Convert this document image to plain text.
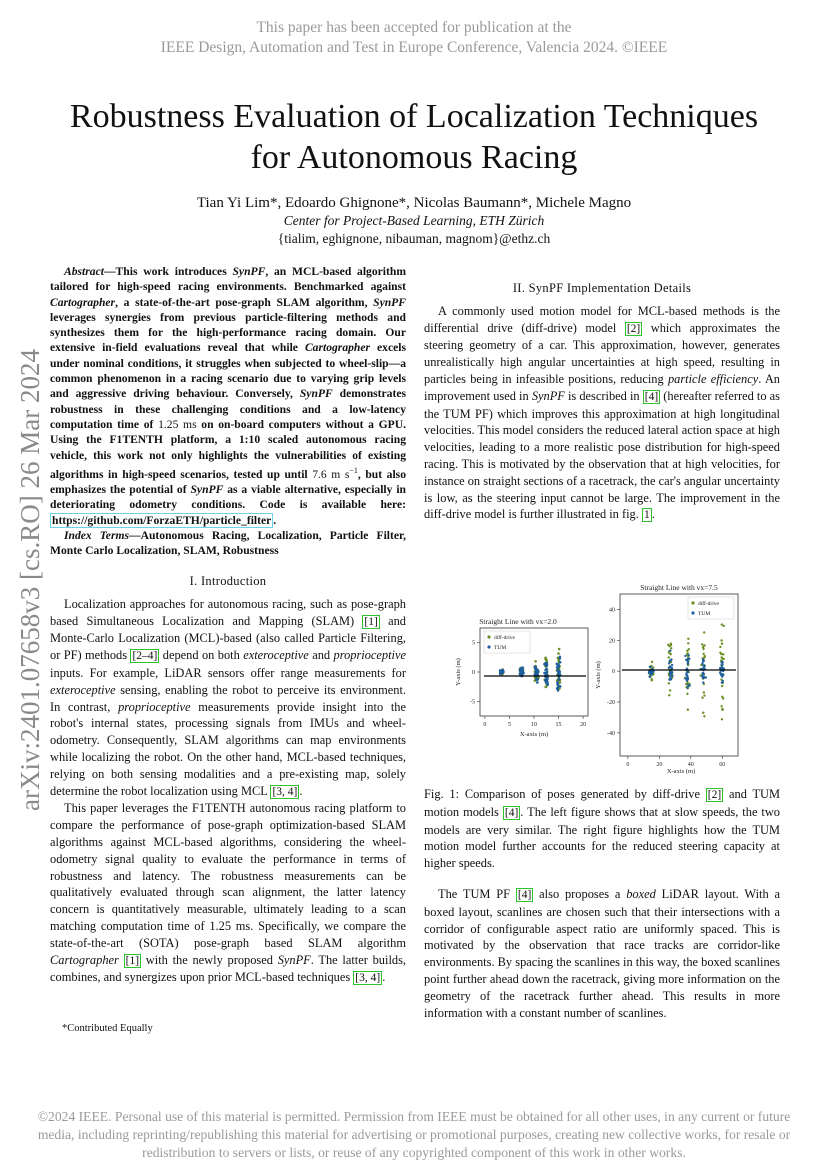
This paper has been accepted for publication at the
IEEE Design, Automation and Test in Europe Conference, Valencia 2024. ©IEEE
Robustness Evaluation of Localization Techniques
for Autonomous Racing
Tian Yi Lim*, Edoardo Ghignone*, Nicolas Baumann*, Michele Magno
Center for Project-Based Learning, ETH Zürich
{tialim, eghignone, nibauman, magnom}@ethz.ch
arXiv:2401.07658v3 [cs.RO] 26 Mar 2024

Abstract—This work introduces SynPF, an MCL-based algorithm tailored for high-speed racing environments. Benchmarked against Cartographer, a state-of-the-art pose-graph SLAM algorithm, SynPF leverages synergies from previous particle-filtering methods and synthesizes them for the high-performance racing domain. Our extensive in-field evaluations reveal that while Cartographer excels under nominal conditions, it struggles when subjected to wheel-slip—a common phenomenon in a racing scenario due to varying grip levels and aggressive driving behaviour. Conversely, SynPF demonstrates robustness in these challenging conditions and a low-latency computation time of 1.25 ms on on-board computers without a GPU. Using the F1TENTH platform, a 1:10 scaled autonomous racing vehicle, this work not only highlights the vulnerabilities of existing algorithms in high-speed scenarios, tested up until 7.6 m $s^{-1}$, but also emphasizes the potential of SynPF as a viable alternative, especially in deteriorating odometry conditions. Code is available here: https://github.com/ForzaETH/particle_filter .

Index Terms—Autonomous Racing, Localization, Particle Filter, Monte Carlo Localization, SLAM, Robustness

I. Introduction

Localization approaches for autonomous racing, such as pose-graph based Simultaneous Localization and Mapping (SLAM) [1] and Monte-Carlo Localization (MCL)-based (also called Particle Filtering, or PF) methods [2–4] depend on both exteroceptive and proprioceptive inputs. For example, LiDAR sensors offer range measurements for exteroceptive sensing, enabling the robot to perceive its environment. In contrast, proprioceptive measurements provide insight into the robot's internal states, processing signals from IMUs and wheel-odometry. Consequently, SLAM algorithms can map environments while localizing the robot. On the other hand, MCL-based techniques, relying on both sensing modalities and a pre-existing map, solely determine the robot localization using MCL [3, 4] .

This paper leverages the F1TENTH autonomous racing platform to compare the performance of pose-graph optimization-based SLAM algorithms against MCL-based algorithms, considering the wheel-odometry signal quality to evaluate the performance in terms of robustness and latency. The robustness measurements can be qualitatively evaluated through scan alignment, the latter latency concern is quantitatively measurable, ultimately leading to a scan matching computation time of 1.25 ms. Specifically, we compare the state-of-the-art (SOTA) pose-graph based SLAM algorithm Cartographer [1] with the newly proposed SynPF. The latter builds, combines, and synergizes upon prior MCL-based techniques [3, 4] .

*Contributed Equally
II. SynPF Implementation Details

A commonly used motion model for MCL-based methods is the differential drive (diff-drive) model [2] which approximates the steering geometry of a car. This approximation, however, generates unrealistically high angular uncertainties at high speed, resulting in particles being in infeasible positions, reducing particle efficiency. An improvement used in SynPF is described in [4] (hereafter referred to as the TUM PF) which improves this approximation at high longitudinal velocities. This model considers the reduced lateral action space at high velocities, leading to a more realistic pose distribution for high-speed racing. This is motivated by the observation that at high velocities, for instance on straight sections of a racetrack, the car's angular uncertainty is low, as the steering input cannot be large. The improvement in the diff-drive model is further illustrated in fig. 1 .

Straight Line with vx=2.0
0	5	10	15	20
5
0
-5
X-axis (m)
Y-axis (m)
diff-drive
TUM
Straight Line with vx=7.5
0	20	40	60
40
20
0
-20
-40
X-axis (m)
Y-axis (m)
diff-drive
TUM
Fig. 1: Comparison of poses generated by diff-drive [2] and TUM motion models [4] . The left figure shows that at slow speeds, the two models are very similar. The right figure highlights how the TUM motion model further accounts for the reduced steering capacity at higher speeds.

The TUM PF [4] also proposes a boxed LiDAR layout. With a boxed layout, scanlines are chosen such that their intersections with a corridor of configurable aspect ratio are uniformly spaced. This is motivated by the observation that race tracks are corridor-like environments. By spacing the scanlines in this way, the boxed scanlines point further ahead down the racetrack, giving more information on the geometry of the racetrack further ahead. This results in more information with a constant number of scanlines.

©2024 IEEE. Personal use of this material is permitted. Permission from IEEE must be obtained for all other uses, in any current or future
media, including reprinting/republishing this material for advertising or promotional purposes, creating new collective works, for resale or
redistribution to servers or lists, or reuse of any copyrighted component of this work in other works.
